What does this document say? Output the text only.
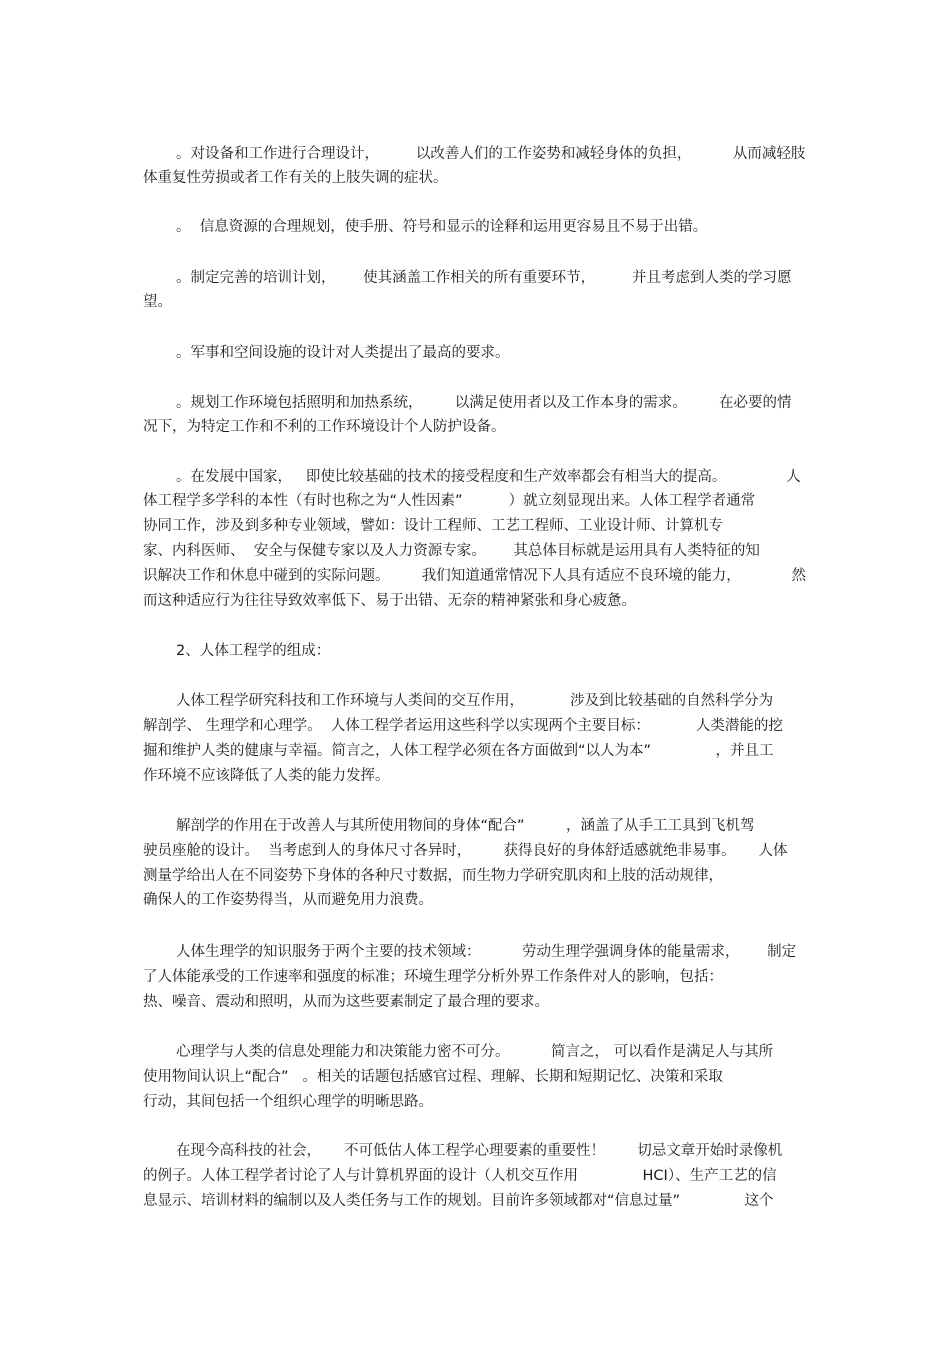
。对设备和工作进行合理设计，        以改善人们的工作姿势和减轻身体的负担，         从而减轻肢
体重复性劳损或者工作有关的上肢失调的症状。
。  信息资源的合理规划，使手册、符号和显示的诠释和运用更容易且不易于出错。
。制定完善的培训计划，      使其涵盖工作相关的所有重要环节，        并且考虑到人类的学习愿
望。
。军事和空间设施的设计对人类提出了最高的要求。
。规划工作环境包括照明和加热系统，       以满足使用者以及工作本身的需求。       在必要的情
况下，为特定工作和不利的工作环境设计个人防护设备。
。在发展中国家，   即使比较基础的技术的接受程度和生产效率都会有相当大的提高。             人
体工程学多学科的本性（有时也称之为“人性因素”          ）就立刻显现出来。人体工程学者通常
协同工作，涉及到多种专业领域，譬如：设计工程师、工艺工程师、工业设计师、计算机专
家、内科医师、  安全与保健专家以及人力资源专家。      其总体目标就是运用具有人类特征的知
识解决工作和休息中碰到的实际问题。       我们知道通常情况下人具有适应不良环境的能力，           然
而这种适应行为往往导致效率低下、易于出错、无奈的精神紧张和身心疲惫。
2、人体工程学的组成：
人体工程学研究科技和工作环境与人类间的交互作用，          涉及到比较基础的自然科学分为
解剖学、 生理学和心理学。  人体工程学者运用这些科学以实现两个主要目标：          人类潜能的挖
掘和维护人类的健康与幸福。简言之，人体工程学必须在各方面做到“以人为本”              ，并且工
作环境不应该降低了人类的能力发挥。
解剖学的作用在于改善人与其所使用物间的身体“配合”         ，涵盖了从手工工具到飞机驾
驶员座舱的设计。  当考虑到人的身体尺寸各异时，       获得良好的身体舒适感就绝非易事。     人体
测量学给出人在不同姿势下身体的各种尺寸数据，而生物力学研究肌肉和上肢的活动规律，
确保人的工作姿势得当，从而避免用力浪费。
人体生理学的知识服务于两个主要的技术领域：         劳动生理学强调身体的能量需求，      制定
了人体能承受的工作速率和强度的标准；环境生理学分析外界工作条件对人的影响，包括：
热、噪音、震动和照明，从而为这些要素制定了最合理的要求。
心理学与人类的信息处理能力和决策能力密不可分。         简言之， 可以看作是满足人与其所
使用物间认识上“配合”   。相关的话题包括感官过程、理解、长期和短期记忆、决策和采取
行动，其间包括一个组织心理学的明晰思路。
在现今高科技的社会，     不可低估人体工程学心理要素的重要性！       切忌文章开始时录像机
的例子。人体工程学者讨论了人与计算机界面的设计（人机交互作用              HCI）、生产工艺的信
息显示、培训材料的编制以及人类任务与工作的规划。目前许多领域都对“信息过量”              这个
